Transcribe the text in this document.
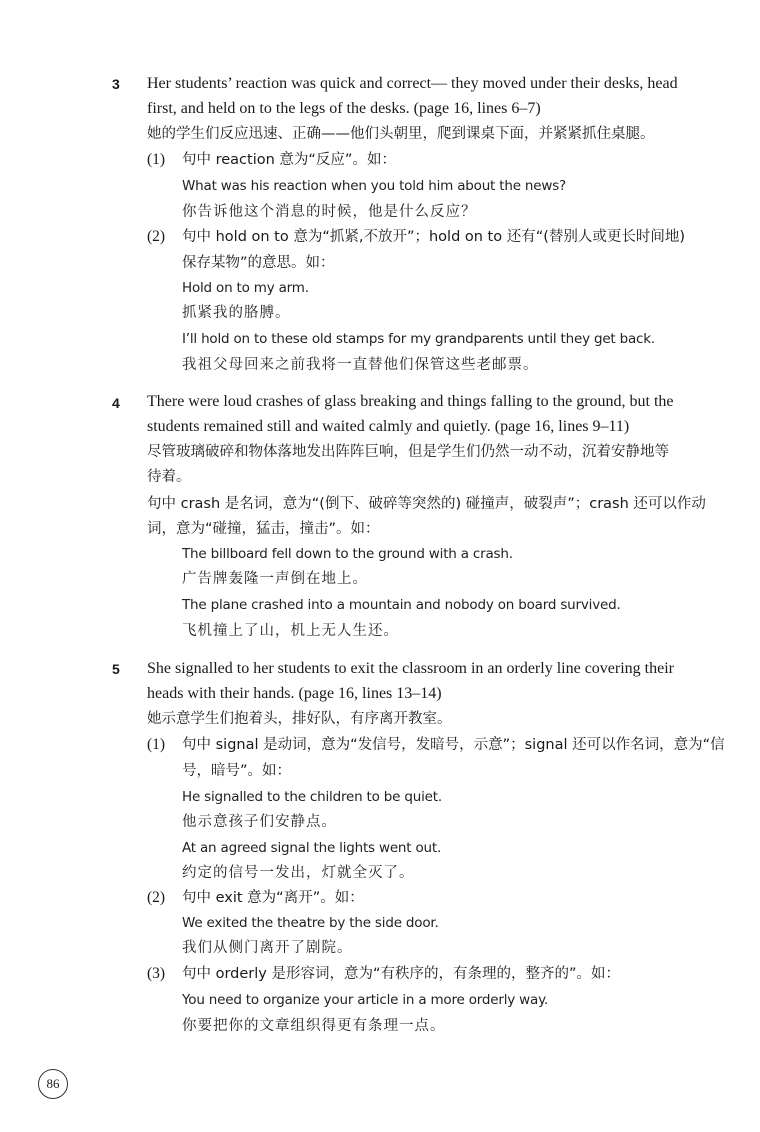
3 Her students’ reaction was quick and correct— they moved under their desks, head
first, and held on to the legs of the desks. (page 16, lines 6–7)
她的学生们反应迅速、正确——他们头朝里，爬到课桌下面，并紧紧抓住桌腿。
(1) 句中 reaction 意为“反应”。如：
What was his reaction when you told him about the news?
你告诉他这个消息的时候，他是什么反应？
(2) 句中 hold on to 意为“抓紧,不放开”；hold on to 还有“(替别人或更长时间地)
保存某物”的意思。如：
Hold on to my arm.
抓紧我的胳膊。
I’ll hold on to these old stamps for my grandparents until they get back.
我祖父母回来之前我将一直替他们保管这些老邮票。
4 There were loud crashes of glass breaking and things falling to the ground, but the
students remained still and waited calmly and quietly. (page 16, lines 9–11)
尽管玻璃破碎和物体落地发出阵阵巨响，但是学生们仍然一动不动，沉着安静地等
待着。
句中 crash 是名词，意为“(倒下、破碎等突然的) 碰撞声，破裂声”；crash 还可以作动
词，意为“碰撞，猛击，撞击”。如：
The billboard fell down to the ground with a crash.
广告牌轰隆一声倒在地上。
The plane crashed into a mountain and nobody on board survived.
飞机撞上了山，机上无人生还。
5 She signalled to her students to exit the classroom in an orderly line covering their
heads with their hands. (page 16, lines 13–14)
她示意学生们抱着头，排好队，有序离开教室。
(1) 句中 signal 是动词，意为“发信号，发暗号，示意”；signal 还可以作名词，意为“信
号，暗号”。如：
He signalled to the children to be quiet.
他示意孩子们安静点。
At an agreed signal the lights went out.
约定的信号一发出，灯就全灭了。
(2) 句中 exit 意为“离开”。如：
We exited the theatre by the side door.
我们从侧门离开了剧院。
(3) 句中 orderly 是形容词，意为“有秩序的，有条理的，整齐的”。如：
You need to organize your article in a more orderly way.
你要把你的文章组织得更有条理一点。
86
